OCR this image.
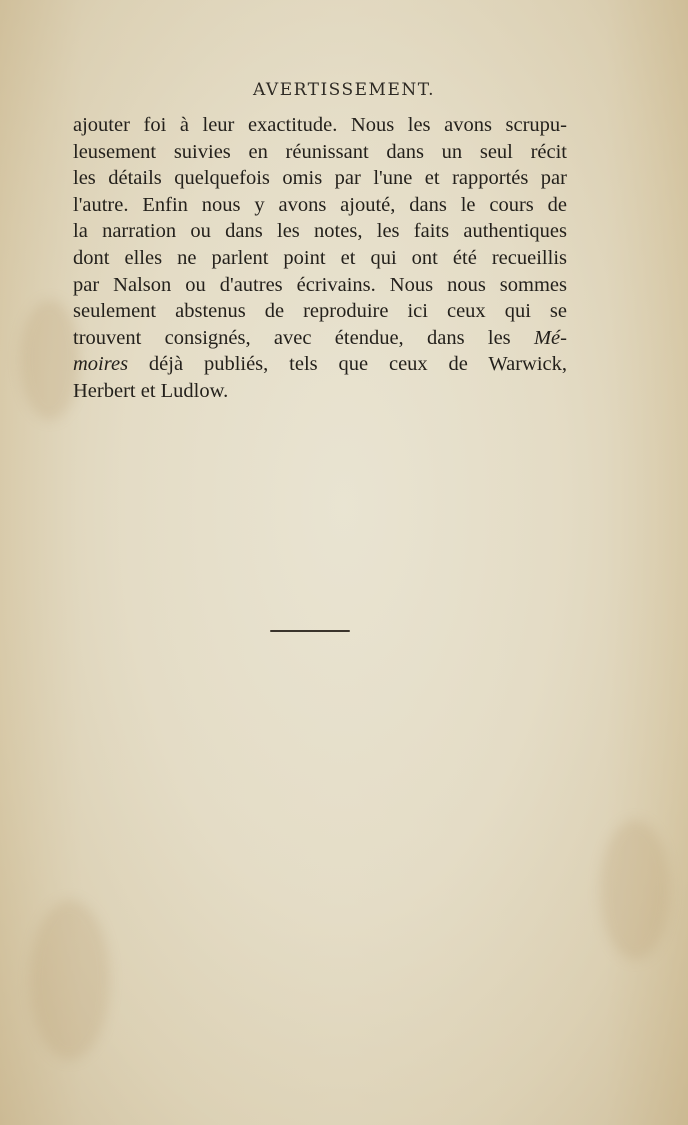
AVERTISSEMENT.
ajouter foi à leur exactitude. Nous les avons scrupu-
leusement suivies en réunissant dans un seul récit
les détails quelquefois omis par l'une et rapportés par
l'autre. Enfin nous y avons ajouté, dans le cours de
la narration ou dans les notes, les faits authentiques
dont elles ne parlent point et qui ont été recueillis
par Nalson ou d'autres écrivains. Nous nous sommes
seulement abstenus de reproduire ici ceux qui se
trouvent consignés, avec étendue, dans les Mé-
moires déjà publiés, tels que ceux de Warwick,
Herbert et Ludlow.
